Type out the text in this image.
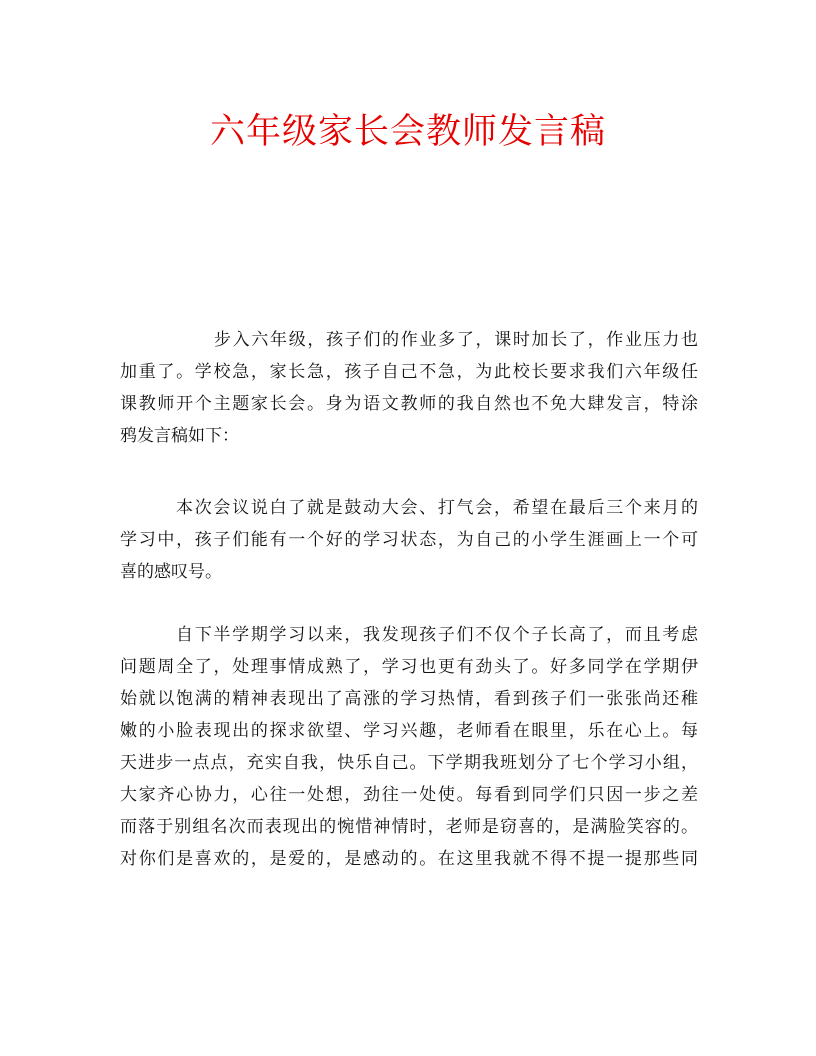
六年级家长会教师发言稿
步入六年级，孩子们的作业多了，课时加长了，作业压力也
加重了。学校急，家长急，孩子自己不急，为此校长要求我们六年级任
课教师开个主题家长会。身为语文教师的我自然也不免大肆发言，特涂
鸦发言稿如下：
本次会议说白了就是鼓动大会、打气会，希望在最后三个来月的
学习中，孩子们能有一个好的学习状态，为自己的小学生涯画上一个可
喜的感叹号。
自下半学期学习以来，我发现孩子们不仅个子长高了，而且考虑
问题周全了，处理事情成熟了，学习也更有劲头了。好多同学在学期伊
始就以饱满的精神表现出了高涨的学习热情，看到孩子们一张张尚还稚
嫩的小脸表现出的探求欲望、学习兴趣，老师看在眼里，乐在心上。每
天进步一点点，充实自我，快乐自己。下学期我班划分了七个学习小组，
大家齐心协力，心往一处想，劲往一处使。每看到同学们只因一步之差
而落于别组名次而表现出的惋惜神情时，老师是窃喜的，是满脸笑容的。
对你们是喜欢的，是爱的，是感动的。在这里我就不得不提一提那些同
